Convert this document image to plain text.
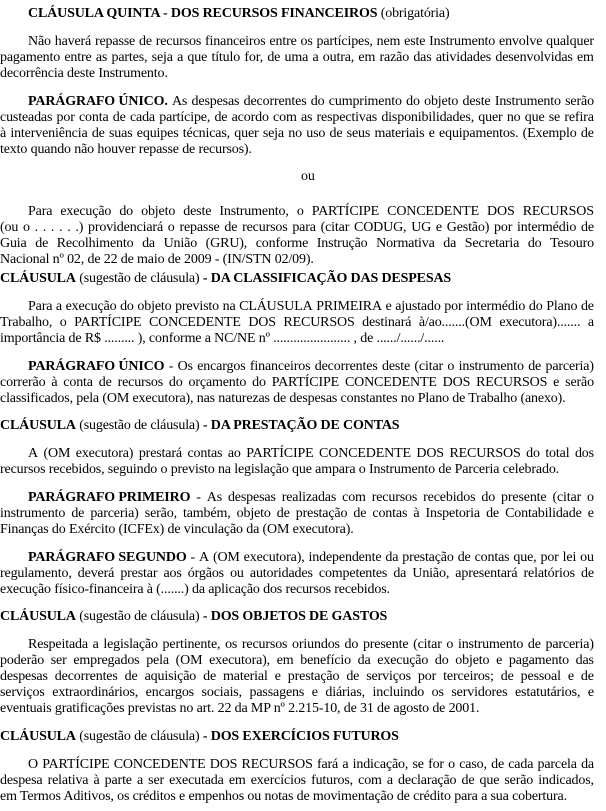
CLÁUSULA QUINTA - DOS RECURSOS FINANCEIROS (obrigatória)
Não haverá repasse de recursos financeiros entre os partícipes, nem este Instrumento envolve qualquer
pagamento entre as partes, seja a que título for, de uma a outra, em razão das atividades desenvolvidas em
decorrência deste Instrumento.
PARÁGRAFO ÚNICO. As despesas decorrentes do cumprimento do objeto deste Instrumento serão
custeadas por conta de cada partícipe, de acordo com as respectivas disponibilidades, quer no que se refira
à interveniência de suas equipes técnicas, quer seja no uso de seus materiais e equipamentos. (Exemplo de
texto quando não houver repasse de recursos).
ou
Para execução do objeto deste Instrumento, o PARTÍCIPE CONCEDENTE DOS RECURSOS
(ou o . . . . . .) providenciará o repasse de recursos para (citar CODUG, UG e Gestão) por intermédio de
Guia de Recolhimento da União (GRU), conforme Instrução Normativa da Secretaria do Tesouro
Nacional nº 02, de 22 de maio de 2009 - (IN/STN 02/09).
CLÁUSULA (sugestão de cláusula) - DA CLASSIFICAÇÃO DAS DESPESAS
Para a execução do objeto previsto na CLÁUSULA PRIMEIRA e ajustado por intermédio do Plano de
Trabalho, o PARTÍCIPE CONCEDENTE DOS RECURSOS destinará à/ao.......(OM executora)....... a
importância de R$ ......... ), conforme a NC/NE nº ....................... , de ....../....../......
PARÁGRAFO ÚNICO - Os encargos financeiros decorrentes deste (citar o instrumento de parceria)
correrão à conta de recursos do orçamento do PARTÍCIPE CONCEDENTE DOS RECURSOS e serão
classificados, pela (OM executora), nas naturezas de despesas constantes no Plano de Trabalho (anexo).
CLÁUSULA (sugestão de cláusula) - DA PRESTAÇÃO DE CONTAS
A (OM executora) prestará contas ao PARTÍCIPE CONCEDENTE DOS RECURSOS do total dos
recursos recebidos, seguindo o previsto na legislação que ampara o Instrumento de Parceria celebrado.
PARÁGRAFO PRIMEIRO - As despesas realizadas com recursos recebidos do presente (citar o
instrumento de parceria) serão, também, objeto de prestação de contas à Inspetoria de Contabilidade e
Finanças do Exército (ICFEx) de vinculação da (OM executora).
PARÁGRAFO SEGUNDO - A (OM executora), independente da prestação de contas que, por lei ou
regulamento, deverá prestar aos órgãos ou autoridades competentes da União, apresentará relatórios de
execução físico-financeira à (.......) da aplicação dos recursos recebidos.
CLÁUSULA (sugestão de cláusula) - DOS OBJETOS DE GASTOS
Respeitada a legislação pertinente, os recursos oriundos do presente (citar o instrumento de parceria)
poderão ser empregados pela (OM executora), em benefício da execução do objeto e pagamento das
despesas decorrentes de aquisição de material e prestação de serviços por terceiros; de pessoal e de
serviços extraordinários, encargos sociais, passagens e diárias, incluindo os servidores estatutários, e
eventuais gratificações previstas no art. 22 da MP nº 2.215-10, de 31 de agosto de 2001.
CLÁUSULA (sugestão de cláusula) - DOS EXERCÍCIOS FUTUROS
O PARTÍCIPE CONCEDENTE DOS RECURSOS fará a indicação, se for o caso, de cada parcela da
despesa relativa à parte a ser executada em exercícios futuros, com a declaração de que serão indicados,
em Termos Aditivos, os créditos e empenhos ou notas de movimentação de crédito para a sua cobertura.
